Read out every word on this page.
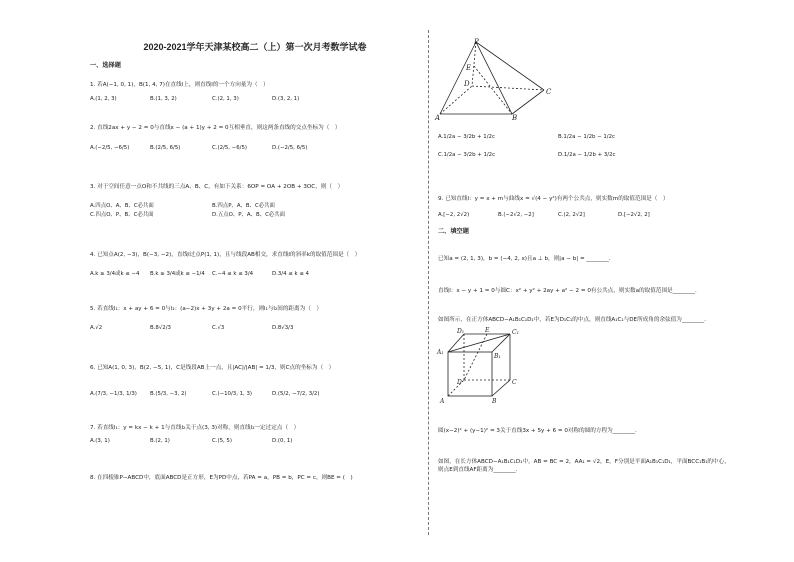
2020-2021学年天津某校高二（上）第一次月考数学试卷
一、选择题
1. 若A(−1, 0, 1)，B(1, 4, 7)在直线l上，则直线l的一个方向量为（　）
A.(1, 2, 3)	B.(1, 3, 2)	C.(2, 1, 3)	D.(3, 2, 1)
2. 直线2ax + y − 2 = 0与直线x − (a + 1)y + 2 = 0互相垂直，则这两条直线的交点坐标为（　）
A.(−2/5, −6/5)	B.(2/5, 6/5)	C.(2/5, −6/5)	D.(−2/5, 6/5)
3. 对于空间任意一点O和不共线的三点A、B、C，有如下关系：6OP = OA + 2OB + 3OC，则（　）
A.四点O、A、B、C必共面	B.四点P、A、B、C必共面
C.四点O、P、B、C必共面	D.五点O、P、A、B、C必共面
4. 已知点A(2, −3)，B(−3, −2)，直线l过点P(1, 1)，且与线段AB相交，求直线l的斜率k的取值范围是（　）
A.k ≥ 3/4或k ≤ −4 B.k ≥ 3/4或k ≤ −1/4 C.−4 ≤ k ≤ 3/4	D.3/4 ≤ k ≤ 4
5. 若直线l₁：x + ay + 6 = 0与l₂：(a−2)x + 3y + 2a = 0平行，则l₁与l₂间的距离为（　）
A.√2	B.8√2/3	C.√3	D.8√3/3
6. 已知A(1, 0, 3)，B(2, −5, 1)，C是线段AB上一点，且|AC|/|AB| = 1/3，则C点的坐标为（　）
A.(7/3, −1/3, 1/3) B.(5/3, −3, 2)	C.(−10/3, 1, 3)	D.(5/2, −7/2, 3/2)
7. 若直线l₁：y = kx − k + 1与直线l₂关于点(3, 3)对称，则直线l₂一定过定点（　）
A.(3, 1)	B.(2, 1)	C.(5, 5)	D.(0, 1)
8. 在四棱锥P−ABCD中，底面ABCD是正方形，E为PD中点，若PA = a，PB = b，PC = c，则BE = (　)
P
E
D
C
A	B
A.1/2a − 3/2b + 1/2c	B.1/2a − 1/2b − 1/2c
C.1/2a − 3/2b + 1/2c	D.1/2a − 1/2b + 3/2c
9. 已知直线l：y = x + m与曲线x = √(4 − y²)有两个公共点，则实数m的取值范围是（　）
A.[−2, 2√2)	B.(−2√2, −2]	C.(2, 2√2]	D.[−2√2, 2]
二、填空题
已知a = (2, 1, 3)，b = (−4, 2, x)且a ⊥ b，则|a − b| = ________．
直线l：x − y + 1 = 0与圆C：x² + y² + 2ay + a² − 2 = 0有公共点，则实数a的取值范围是________．
如图所示，在正方体ABCD−A₁B₁C₁D₁中，若E为D₁C₁的中点，则直线A₁C₁与DE所成角的余弦值为________．
D₁	E	C₁
A₁
B₁
D	C
A	B
圆(x−2)² + (y−1)² = 3关于直线3x + 5y + 6 = 0对称的圆的方程为________．
如图，在长方体ABCD−A₁B₁C₁D₁中，AB = BC = 2，AA₁ = √2，E，F分别是平面A₁B₁C₁D₁，平面BCC₁B₁的中心，
则点E到直线AF距离为________．
